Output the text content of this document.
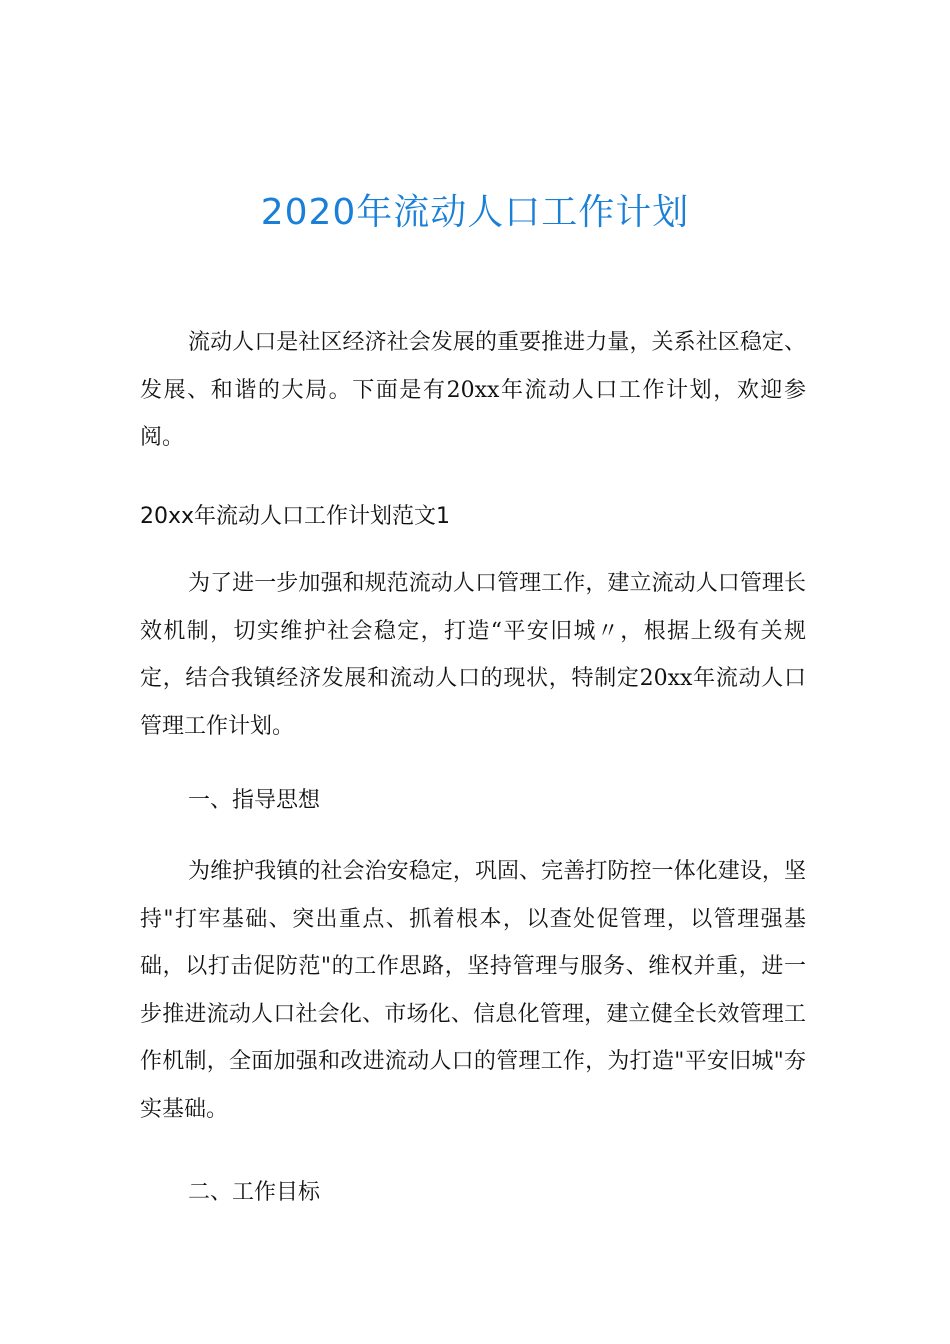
2020年流动人口工作计划

流动人口是社区经济社会发展的重要推进力量，关系社区稳定、发展、和谐的大局。下面是有20xx年流动人口工作计划，欢迎参阅。

20xx年流动人口工作计划范文1

为了进一步加强和规范流动人口管理工作，建立流动人口管理长效机制，切实维护社会稳定，打造“平安旧城〃，根据上级有关规定，结合我镇经济发展和流动人口的现状，特制定20xx年流动人口管理工作计划。

一、指导思想

为维护我镇的社会治安稳定，巩固、完善打防控一体化建设，坚持"打牢基础、突出重点、抓着根本，以查处促管理，以管理强基础，以打击促防范"的工作思路，坚持管理与服务、维权并重，进一步推进流动人口社会化、市场化、信息化管理，建立健全长效管理工作机制，全面加强和改进流动人口的管理工作，为打造"平安旧城"夯实基础。

二、工作目标
